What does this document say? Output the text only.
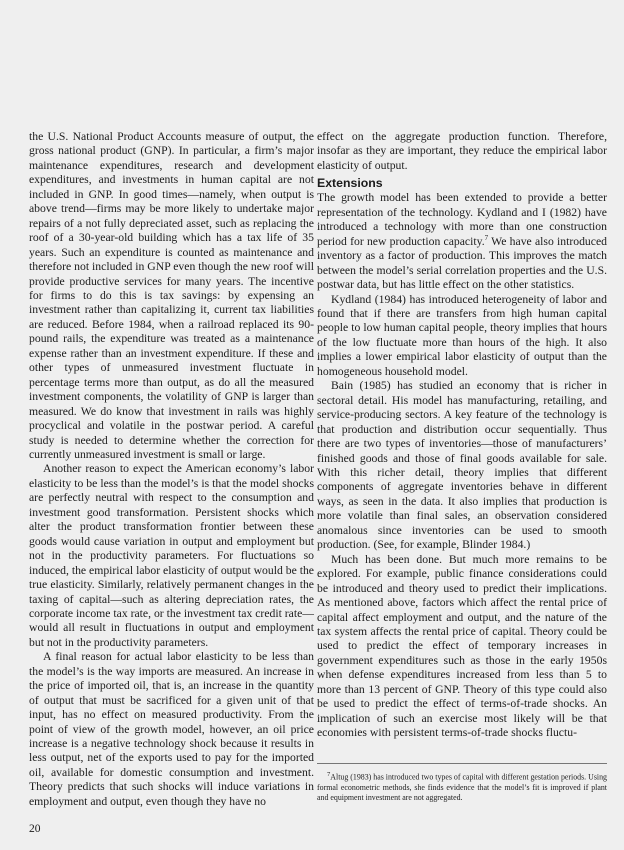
the U.S. National Product Accounts measure of output, the gross national product (GNP). In particular, a firm’s major maintenance expenditures, research and development expenditures, and investments in human capital are not included in GNP. In good times—namely, when output is above trend—firms may be more likely to undertake major repairs of a not fully depreciated asset, such as replacing the roof of a 30-year-old building which has a tax life of 35 years. Such an expenditure is counted as maintenance and therefore not included in GNP even though the new roof will provide productive services for many years. The incentive for firms to do this is tax savings: by expensing an investment rather than capitalizing it, current tax liabilities are reduced. Before 1984, when a railroad replaced its 90-pound rails, the expenditure was treated as a maintenance expense rather than an investment expenditure. If these and other types of unmeasured investment fluctuate in percentage terms more than output, as do all the measured investment components, the volatility of GNP is larger than measured. We do know that investment in rails was highly procyclical and volatile in the postwar period. A careful study is needed to determine whether the correction for currently unmeasured investment is small or large.

Another reason to expect the American economy’s labor elasticity to be less than the model’s is that the model shocks are perfectly neutral with respect to the consumption and investment good transformation. Persistent shocks which alter the product transformation frontier between these goods would cause variation in output and employment but not in the productivity parameters. For fluctuations so induced, the empirical labor elasticity of output would be the true elasticity. Similarly, relatively permanent changes in the taxing of capital—such as altering depreciation rates, the corporate income tax rate, or the investment tax credit rate—would all result in fluctuations in output and employment but not in the productivity parameters.

A final reason for actual labor elasticity to be less than the model’s is the way imports are measured. An increase in the price of imported oil, that is, an increase in the quantity of output that must be sacrificed for a given unit of that input, has no effect on measured productivity. From the point of view of the growth model, however, an oil price increase is a negative technology shock because it results in less output, net of the exports used to pay for the imported oil, available for domestic consumption and investment. Theory predicts that such shocks will induce variations in employment and output, even though they have no

effect on the aggregate production function. Therefore, insofar as they are important, they reduce the empirical labor elasticity of output.

Extensions

The growth model has been extended to provide a better representation of the technology. Kydland and I (1982) have introduced a technology with more than one construction period for new production capacity.$^7$ We have also introduced inventory as a factor of production. This improves the match between the model’s serial correlation properties and the U.S. postwar data, but has little effect on the other statistics.

Kydland (1984) has introduced heterogeneity of labor and found that if there are transfers from high human capital people to low human capital people, theory implies that hours of the low fluctuate more than hours of the high. It also implies a lower empirical labor elasticity of output than the homogeneous household model.

Bain (1985) has studied an economy that is richer in sectoral detail. His model has manufacturing, retailing, and service-producing sectors. A key feature of the technology is that production and distribution occur sequentially. Thus there are two types of inventories—those of manufacturers’ finished goods and those of final goods available for sale. With this richer detail, theory implies that different components of aggregate inventories behave in different ways, as seen in the data. It also implies that production is more volatile than final sales, an observation considered anomalous since inventories can be used to smooth production. (See, for example, Blinder 1984.)

Much has been done. But much more remains to be explored. For example, public finance considerations could be introduced and theory used to predict their implications. As mentioned above, factors which affect the rental price of capital affect employment and output, and the nature of the tax system affects the rental price of capital. Theory could be used to predict the effect of temporary increases in government expenditures such as those in the early 1950s when defense expenditures increased from less than 5 to more than 13 percent of GNP. Theory of this type could also be used to predict the effect of terms-of-trade shocks. An implication of such an exercise most likely will be that economies with persistent terms-of-trade shocks fluctu-

$^7$Altug (1983) has introduced two types of capital with different gestation periods. Using formal econometric methods, she finds evidence that the model’s fit is improved if plant and equipment investment are not aggregated.
20
